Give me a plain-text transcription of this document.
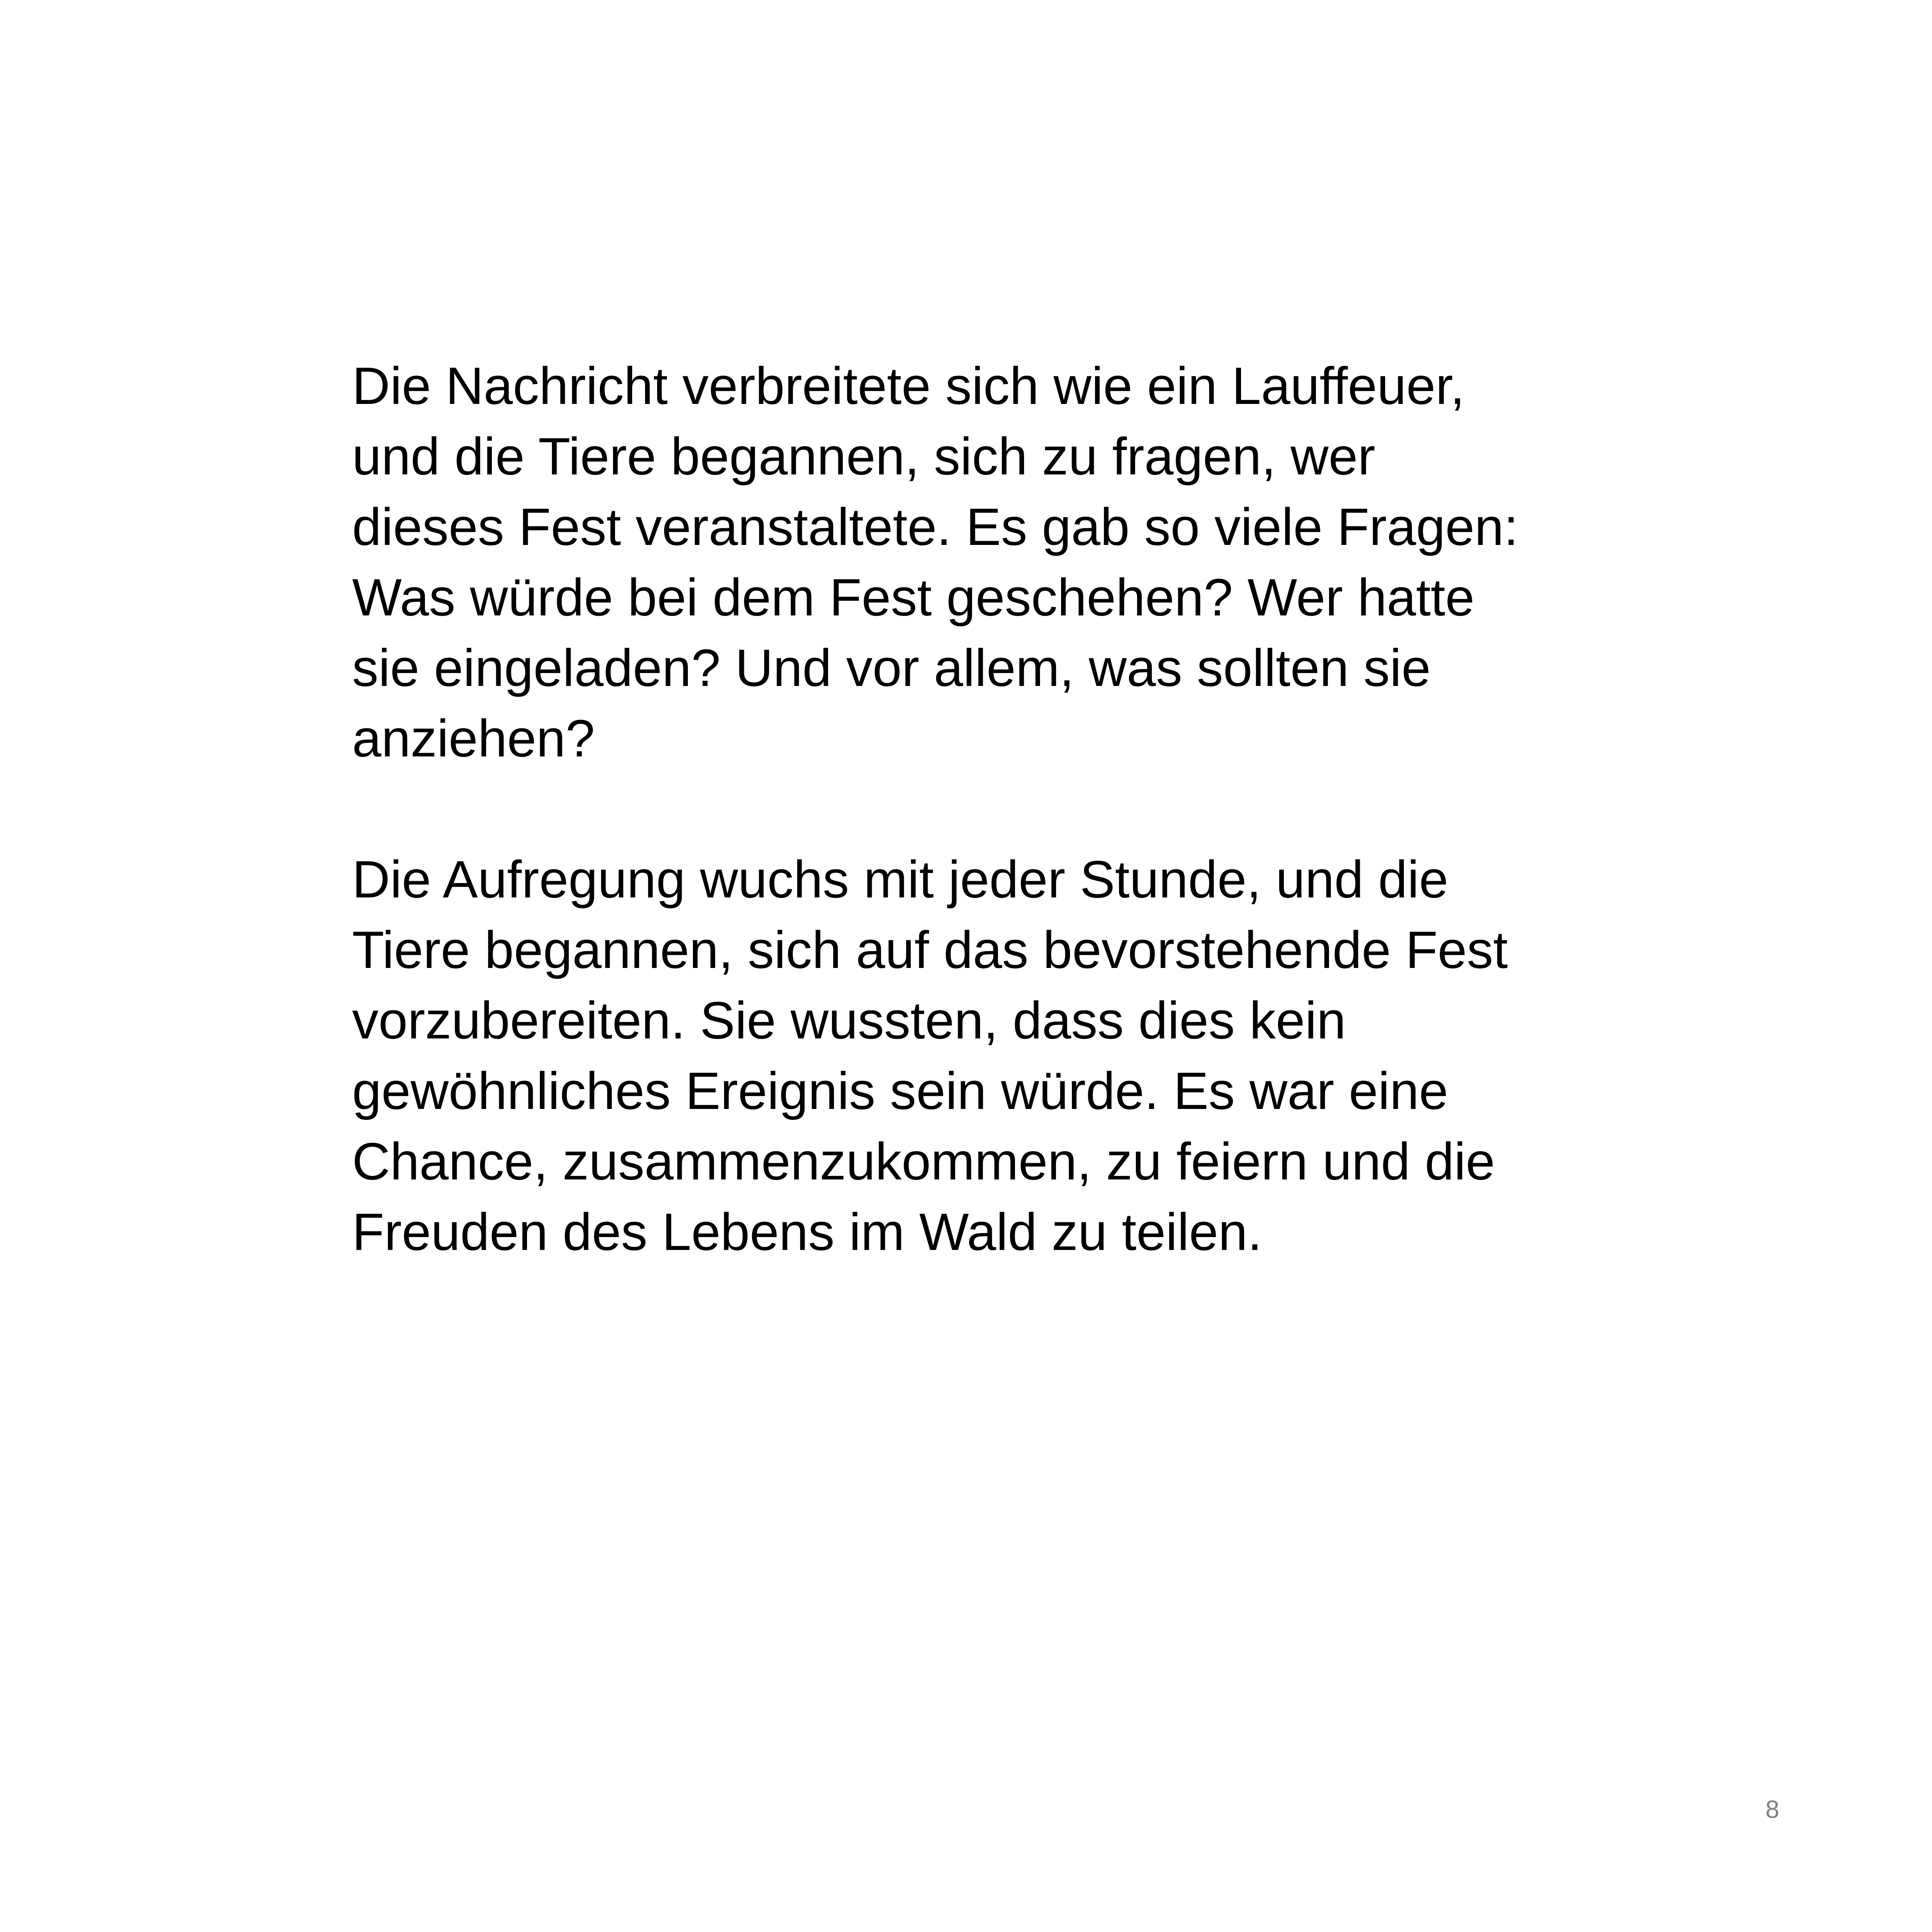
Die Nachricht verbreitete sich wie ein Lauffeuer,
und die Tiere begannen, sich zu fragen, wer
dieses Fest veranstaltete. Es gab so viele Fragen:
Was würde bei dem Fest geschehen? Wer hatte
sie eingeladen? Und vor allem, was sollten sie
anziehen?

Die Aufregung wuchs mit jeder Stunde, und die
Tiere begannen, sich auf das bevorstehende Fest
vorzubereiten. Sie wussten, dass dies kein
gewöhnliches Ereignis sein würde. Es war eine
Chance, zusammenzukommen, zu feiern und die
Freuden des Lebens im Wald zu teilen.

8
